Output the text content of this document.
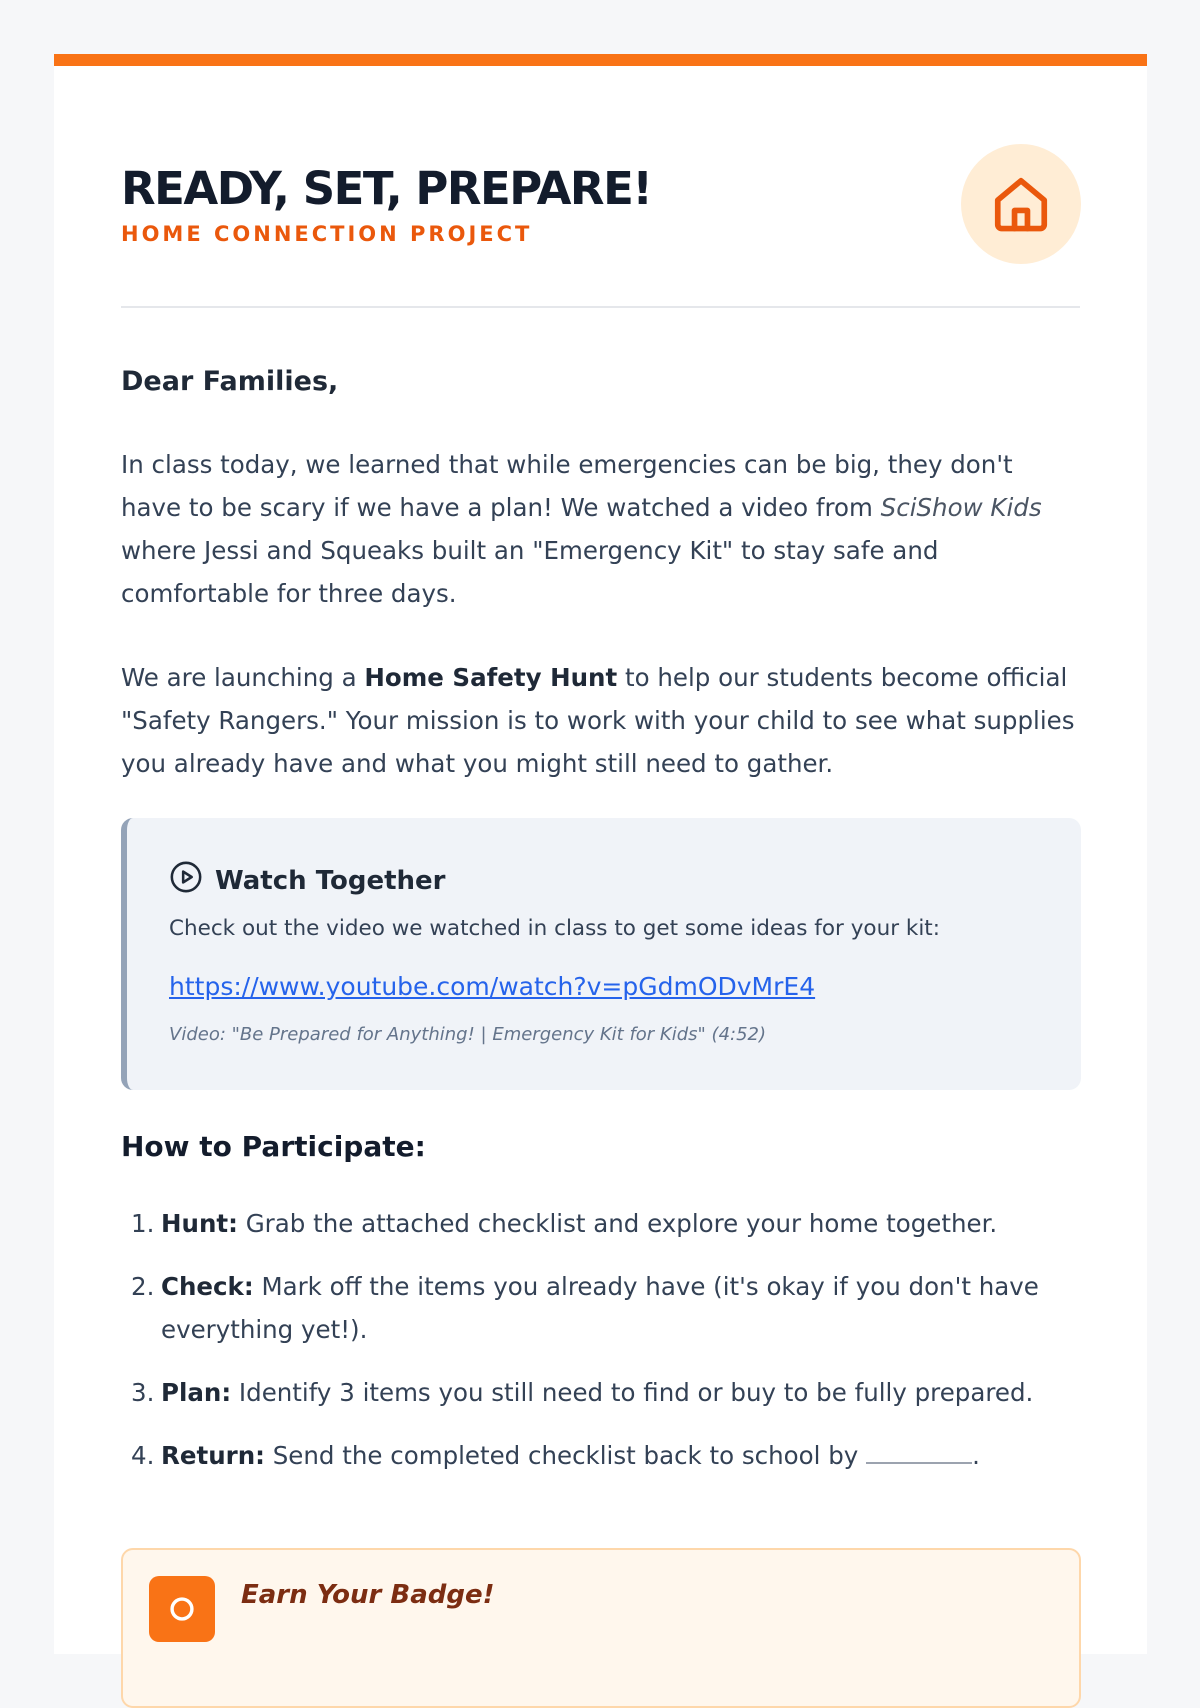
READY, SET, PREPARE!
HOME CONNECTION PROJECT
Dear Families,

In class today, we learned that while emergencies can be big, they don't have to be scary if we have a plan! We watched a video from SciShow Kids where Jessi and Squeaks built an "Emergency Kit" to stay safe and comfortable for three days.

We are launching a Home Safety Hunt to help our students become official "Safety Rangers." Your mission is to work with your child to see what supplies you already have and what you might still need to gather.

Watch Together
Check out the video we watched in class to get some ideas for your kit:
https://www.youtube.com/watch?v=pGdmODvMrE4
Video: "Be Prepared for Anything! | Emergency Kit for Kids" (4:52)
How to Participate:
1. Hunt: Grab the attached checklist and explore your home together.
2. Check: Mark off the items you already have (it's okay if you don't have everything yet!).
3. Plan: Identify 3 items you still need to find or buy to be fully prepared.
4. Return: Send the completed checklist back to school by	.
Earn Your Badge!
